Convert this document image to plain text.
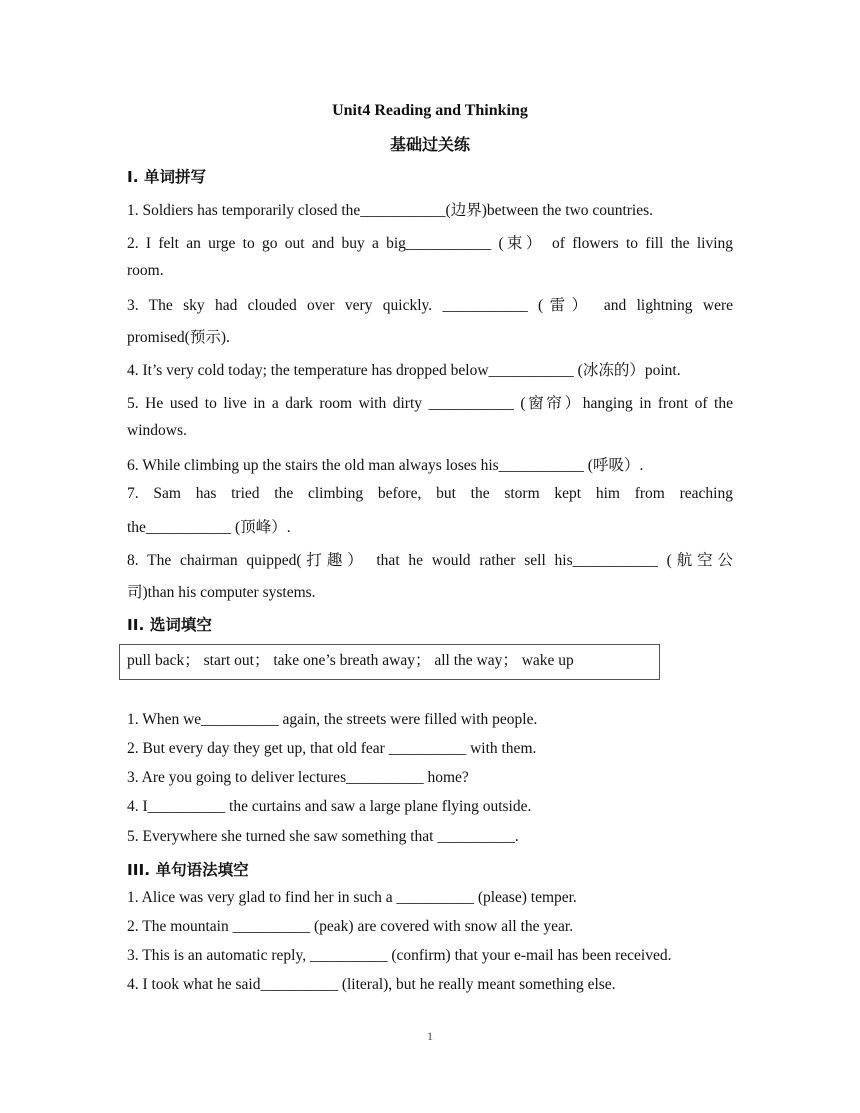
Unit4 Reading and Thinking
基础过关练
I. 单词拼写
1. Soldiers has temporarily closed the___________(边界)between the two countries.
2. I felt an urge to go out and buy a big___________ (束） of flowers to fill the living
room.
3. The sky had clouded over very quickly. ___________ (雷） and lightning were
promised(预示).
4. It’s very cold today; the temperature has dropped below___________ (冰冻的）point.
5. He used to live in a dark room with dirty ___________ (窗帘）hanging in front of the
windows.
6. While climbing up the stairs the old man always loses his___________ (呼吸）.
7. Sam has tried the climbing before, but the storm kept him from reaching
the___________ (顶峰）.
8. The chairman quipped(打趣） that he would rather sell his___________ (航空公
司)than his computer systems.
II. 选词填空
pull back； start out； take one’s breath away； all the way； wake up
1. When we__________ again, the streets were filled with people.
2. But every day they get up, that old fear __________ with them.
3. Are you going to deliver lectures__________ home?
4. I__________ the curtains and saw a large plane flying outside.
5. Everywhere she turned she saw something that __________.
III. 单句语法填空
1. Alice was very glad to find her in such a __________ (please) temper.
2. The mountain __________ (peak) are covered with snow all the year.
3. This is an automatic reply, __________ (confirm) that your e-mail has been received.
4. I took what he said__________ (literal), but he really meant something else.
1
